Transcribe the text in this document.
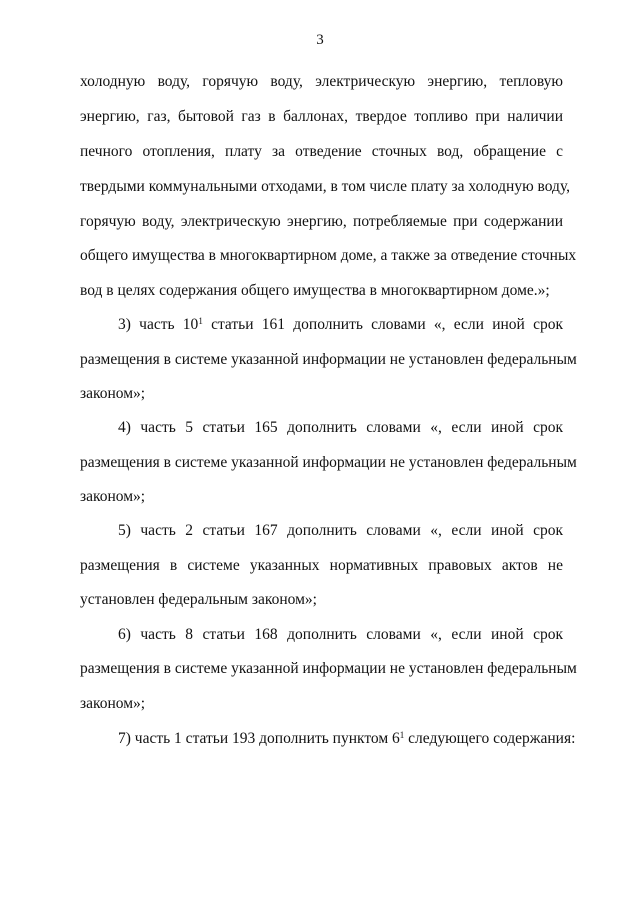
3
холодную воду, горячую воду, электрическую энергию, тепловую
энергию, газ, бытовой газ в баллонах, твердое топливо при наличии
печного отопления, плату за отведение сточных вод, обращение с
твердыми коммунальными отходами, в том числе плату за холодную воду,
горячую воду, электрическую энергию, потребляемые при содержании
общего имущества в многоквартирном доме, а также за отведение сточных
вод в целях содержания общего имущества в многоквартирном доме.»;
3) часть $10^1$ статьи 161 дополнить словами «, если иной срок
размещения в системе указанной информации не установлен федеральным
законом»;
4) часть 5 статьи 165 дополнить словами «, если иной срок
размещения в системе указанной информации не установлен федеральным
законом»;
5) часть 2 статьи 167 дополнить словами «, если иной срок
размещения в системе указанных нормативных правовых актов не
установлен федеральным законом»;
6) часть 8 статьи 168 дополнить словами «, если иной срок
размещения в системе указанной информации не установлен федеральным
законом»;
7) часть 1 статьи 193 дополнить пунктом $6^1$ следующего содержания:
